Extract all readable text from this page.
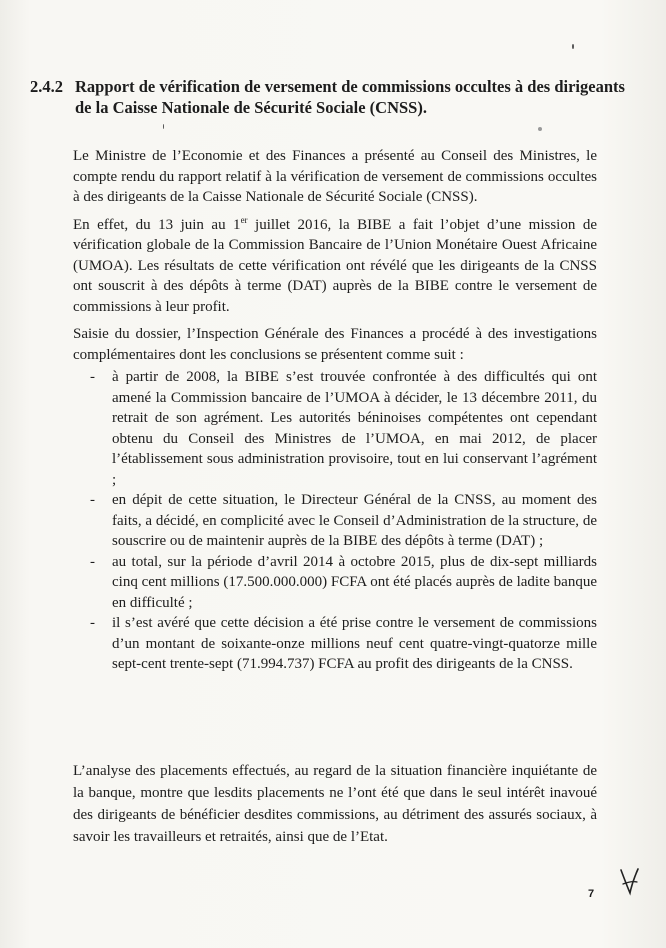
2.4.2 Rapport de vérification de versement de commissions occultes à des dirigeants de la Caisse Nationale de Sécurité Sociale (CNSS).

Le Ministre de l’Economie et des Finances a présenté au Conseil des Ministres, le compte rendu du rapport relatif à la vérification de versement de commissions occultes à des dirigeants de la Caisse Nationale de Sécurité Sociale (CNSS).

En effet, du 13 juin au 1er juillet 2016, la BIBE a fait l’objet d’une mission de vérification globale de la Commission Bancaire de l’Union Monétaire Ouest Africaine (UMOA). Les résultats de cette vérification ont révélé que les dirigeants de la CNSS ont souscrit à des dépôts à terme (DAT) auprès de la BIBE contre le versement de commissions à leur profit.

Saisie du dossier, l’Inspection Générale des Finances a procédé à des investigations complémentaires dont les conclusions se présentent comme suit :

- à partir de 2008, la BIBE s’est trouvée confrontée à des difficultés qui ont amené la Commission bancaire de l’UMOA à décider, le 13 décembre 2011, du retrait de son agrément. Les autorités béninoises compétentes ont cependant obtenu du Conseil des Ministres de l’UMOA, en mai 2012, de placer l’établissement sous administration provisoire, tout en lui conservant l’agrément ;
- en dépit de cette situation, le Directeur Général de la CNSS, au moment des faits, a décidé, en complicité avec le Conseil d’Administration de la structure, de souscrire ou de maintenir auprès de la BIBE des dépôts à terme (DAT) ;
- au total, sur la période d’avril 2014 à octobre 2015, plus de dix-sept milliards cinq cent millions (17.500.000.000) FCFA ont été placés auprès de ladite banque en difficulté ;
- il s’est avéré que cette décision a été prise contre le versement de commissions d’un montant de soixante-onze millions neuf cent quatre-vingt-quatorze mille sept-cent trente-sept (71.994.737) FCFA au profit des dirigeants de la CNSS.

L’analyse des placements effectués, au regard de la situation financière inquiétante de la banque, montre que lesdits placements ne l’ont été que dans le seul intérêt inavoué des dirigeants de bénéficier desdites commissions, au détriment des assurés sociaux, à savoir les travailleurs et retraités, ainsi que de l’Etat.

7
